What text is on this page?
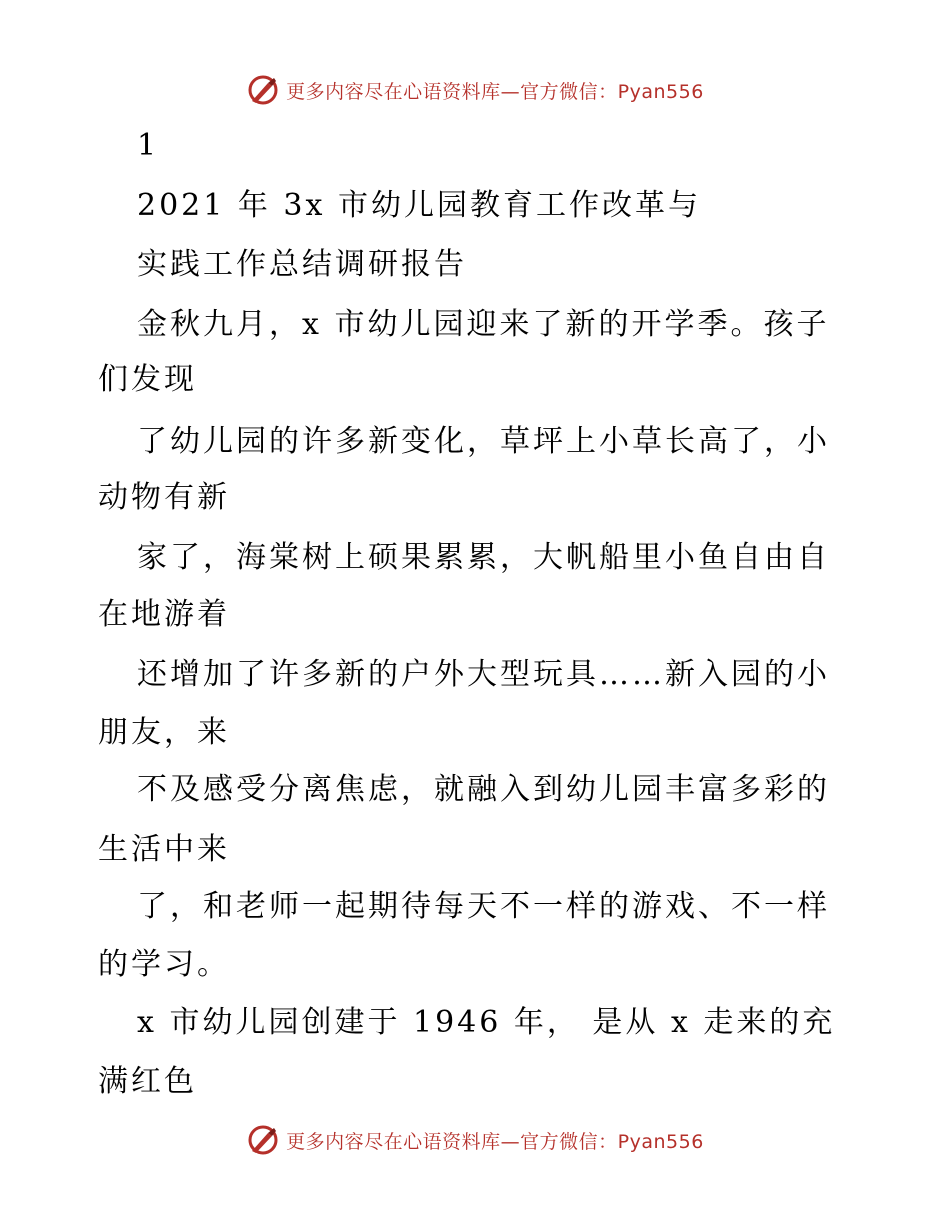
更多内容尽在心语资料库—官方微信：Pyan556
1
2021 年 3x 市幼儿园教育工作改革与
实践工作总结调研报告
金秋九月，x 市幼儿园迎来了新的开学季。孩子
们发现
了幼儿园的许多新变化，草坪上小草长高了，小
动物有新
家了，海棠树上硕果累累，大帆船里小鱼自由自
在地游着
还增加了许多新的户外大型玩具……新入园的小
朋友，来
不及感受分离焦虑，就融入到幼儿园丰富多彩的
生活中来
了，和老师一起期待每天不一样的游戏、不一样
的学习。
x 市幼儿园创建于 1946 年， 是从 x 走来的充
满红色
更多内容尽在心语资料库—官方微信：Pyan556
